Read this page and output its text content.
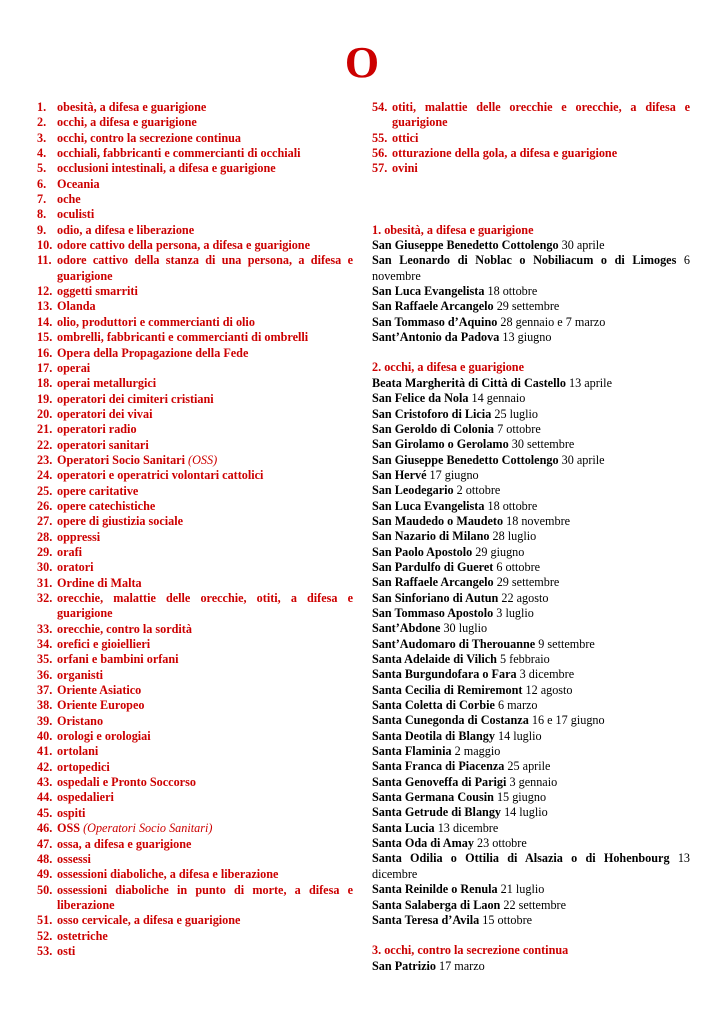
O
1. obesità, a difesa e guarigione
2. occhi, a difesa e guarigione
3. occhi, contro la secrezione continua
4. occhiali, fabbricanti e commercianti di occhiali
5. occlusioni intestinali, a difesa e guarigione
6. Oceania
7. oche
8. oculisti
9. odio, a difesa e liberazione
10. odore cattivo della persona, a difesa e guarigione
11. odore cattivo della stanza di una persona, a difesa e guarigione
12. oggetti smarriti
13. Olanda
14. olio, produttori e commercianti di olio
15. ombrelli, fabbricanti e commercianti di ombrelli
16. Opera della Propagazione della Fede
17. operai
18. operai metallurgici
19. operatori dei cimiteri cristiani
20. operatori dei vivai
21. operatori radio
22. operatori sanitari
23. Operatori Socio Sanitari (OSS)
24. operatori e operatrici volontari cattolici
25. opere caritative
26. opere catechistiche
27. opere di giustizia sociale
28. oppressi
29. orafi
30. oratori
31. Ordine di Malta
32. orecchie, malattie delle orecchie, otiti, a difesa e guarigione
33. orecchie, contro la sordità
34. orefici e gioiellieri
35. orfani e bambini orfani
36. organisti
37. Oriente Asiatico
38. Oriente Europeo
39. Oristano
40. orologi e orologiai
41. ortolani
42. ortopedici
43. ospedali e Pronto Soccorso
44. ospedalieri
45. ospiti
46. OSS (Operatori Socio Sanitari)
47. ossa, a difesa e guarigione
48. ossessi
49. ossessioni diaboliche, a difesa e liberazione
50. ossessioni diaboliche in punto di morte, a difesa e liberazione
51. osso cervicale, a difesa e guarigione
52. ostetriche
53. osti
54. otiti, malattie delle orecchie e orecchie, a difesa e guarigione
55. ottici
56. otturazione della gola, a difesa e guarigione
57. ovini
1. obesità, a difesa e guarigione
San Giuseppe Benedetto Cottolengo 30 aprile
San Leonardo di Noblac o Nobiliacum o di Limoges 6 novembre
San Luca Evangelista 18 ottobre
San Raffaele Arcangelo 29 settembre
San Tommaso d’Aquino 28 gennaio e 7 marzo
Sant’Antonio da Padova 13 giugno
2. occhi, a difesa e guarigione
Beata Margherità di Città di Castello 13 aprile
San Felice da Nola 14 gennaio
San Cristoforo di Licia 25 luglio
San Geroldo di Colonia 7 ottobre
San Girolamo o Gerolamo 30 settembre
San Giuseppe Benedetto Cottolengo 30 aprile
San Hervé 17 giugno
San Leodegario 2 ottobre
San Luca Evangelista 18 ottobre
San Maudedo o Maudeto 18 novembre
San Nazario di Milano 28 luglio
San Paolo Apostolo 29 giugno
San Pardulfo di Gueret 6 ottobre
San Raffaele Arcangelo 29 settembre
San Sinforiano di Autun 22 agosto
San Tommaso Apostolo 3 luglio
Sant’Abdone 30 luglio
Sant’Audomaro di Therouanne 9 settembre
Santa Adelaide di Vilich 5 febbraio
Santa Burgundofara o Fara 3 dicembre
Santa Cecilia di Remiremont 12 agosto
Santa Coletta di Corbie 6 marzo
Santa Cunegonda di Costanza 16 e 17 giugno
Santa Deotila di Blangy 14 luglio
Santa Flaminia 2 maggio
Santa Franca di Piacenza 25 aprile
Santa Genoveffa di Parigi 3 gennaio
Santa Germana Cousin 15 giugno
Santa Getrude di Blangy 14 luglio
Santa Lucia 13 dicembre
Santa Oda di Amay 23 ottobre
Santa Odilia o Ottilia di Alsazia o di Hohenbourg 13 dicembre
Santa Reinilde o Renula 21 luglio
Santa Salaberga di Laon 22 settembre
Santa Teresa d’Avila 15 ottobre
3. occhi, contro la secrezione continua
San Patrizio 17 marzo
